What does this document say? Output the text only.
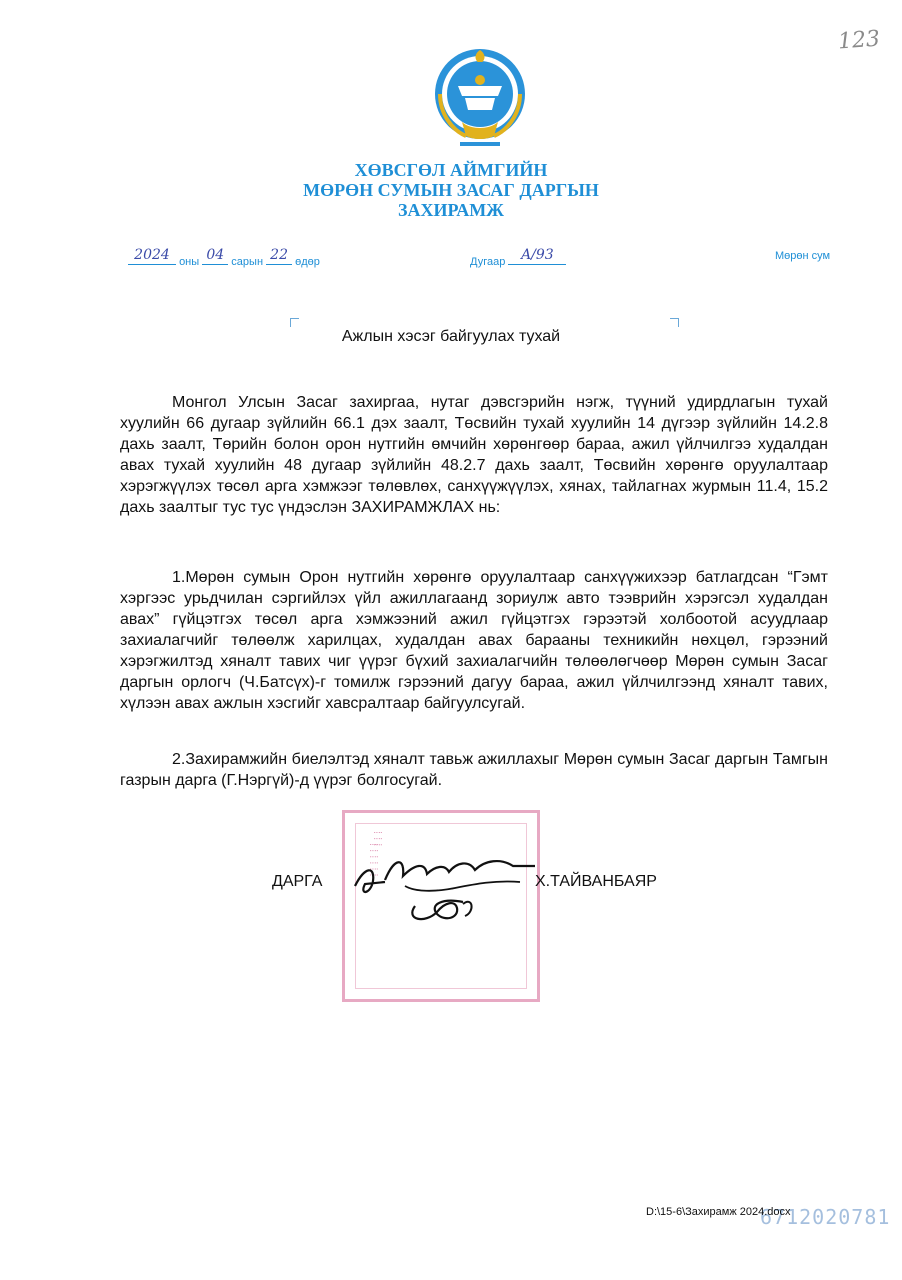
123
ХӨВСГӨЛ АЙМГИЙН
МӨРӨН СУМЫН ЗАСАГ ДАРГЫН
ЗАХИРАМЖ
2024 оны 04 сарын 22 өдөр	Дугаар	A/93	Мөрөн сум
Ажлын хэсэг байгуулах тухай

Монгол Улсын Засаг захиргаа, нутаг дэвсгэрийн нэгж, түүний удирдлагын тухай хуулийн 66 дугаар зүйлийн 66.1 дэх заалт, Төсвийн тухай хуулийн 14 дүгээр зүйлийн 14.2.8 дахь заалт, Төрийн болон орон нутгийн өмчийн хөрөнгөөр бараа, ажил үйлчилгээ худалдан авах тухай хуулийн 48 дугаар зүйлийн 48.2.7 дахь заалт, Төсвийн хөрөнгө оруулалтаар хэрэгжүүлэх төсөл арга хэмжээг төлөвлөх, санхүүжүүлэх, хянах, тайлагнах журмын 11.4, 15.2 дахь заалтыг тус тус үндэслэн ЗАХИРАМЖЛАХ нь:

1.Мөрөн сумын Орон нутгийн хөрөнгө оруулалтаар санхүүжихээр батлагдсан “Гэмт хэргээс урьдчилан сэргийлэх үйл ажиллагаанд зориулж авто тээврийн хэрэгсэл худалдан авах” гүйцэтгэх төсөл арга хэмжээний ажил гүйцэтгэх гэрээтэй холбоотой асуудлаар захиалагчийг төлөөлж харилцах, худалдан авах барааны техникийн нөхцөл, гэрээний хэрэгжилтэд хяналт тавих чиг үүрэг бүхий захиалагчийн төлөөлөгчөөр Мөрөн сумын Засаг даргын орлогч (Ч.Батсүх)-г томилж гэрээний дагуу бараа, ажил үйлчилгээнд хяналт тавих, хүлээн авах ажлын хэсгийг хавсралтаар байгуулсугай.

2.Захирамжийн биелэлтэд хяналт тавьж ажиллахыг Мөрөн сумын Засаг даргын Тамгын газрын дарга (Г.Нэргүй)-д үүрэг болгосугай.

⁞ ⁞ ⁞ ⁞ ⁞ ⁞
⁞ ⁞ ⁞
ДАРГА	Х.ТАЙВАНБАЯР
6712020781
D:\15-6\Захирамж 2024.docx
